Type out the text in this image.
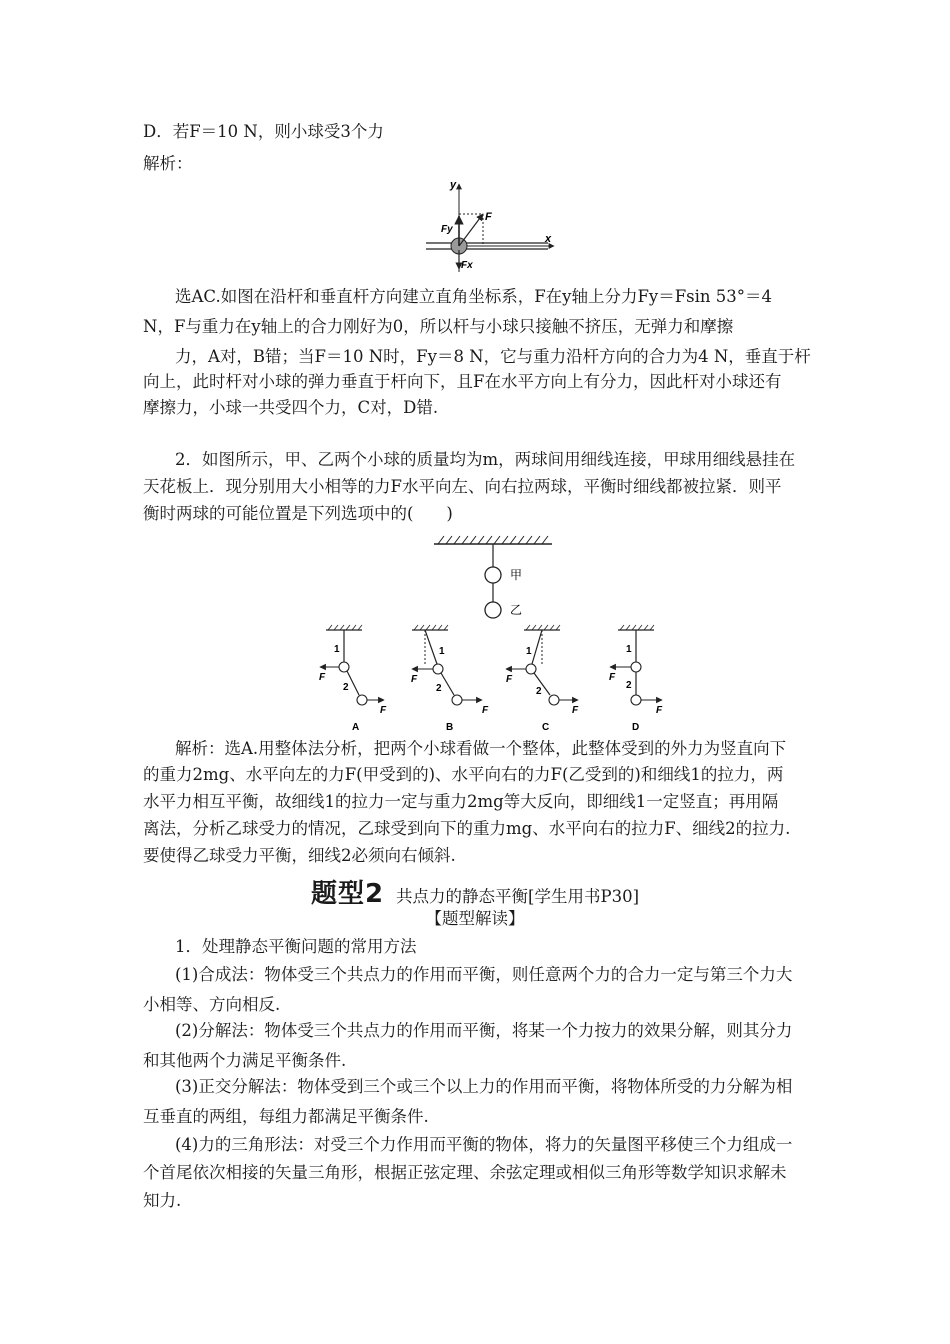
D．若F＝10 N，则小球受3个力
解析：
y
x
F
Fy
Fx
选AC.如图在沿杆和垂直杆方向建立直角坐标系，F在y轴上分力Fy＝Fsin 53°＝4
N，F与重力在y轴上的合力刚好为0，所以杆与小球只接触不挤压，无弹力和摩擦
力，A对，B错；当F＝10 N时，Fy＝8 N，它与重力沿杆方向的合力为4 N，垂直于杆
向上，此时杆对小球的弹力垂直于杆向下，且F在水平方向上有分力，因此杆对小球还有
摩擦力，小球一共受四个力，C对，D错.
2．如图所示，甲、乙两个小球的质量均为m，两球间用细线连接，甲球用细线悬挂在
天花板上．现分别用大小相等的力F水平向左、向右拉两球，平衡时细线都被拉紧．则平
衡时两球的可能位置是下列选项中的(　　)
甲
乙
1
2
F
F
A
1
2
F
F
B
1
2
F
F
C
1
2
F
F
D
解析：选A.用整体法分析，把两个小球看做一个整体，此整体受到的外力为竖直向下
的重力2mg、水平向左的力F(甲受到的)、水平向右的力F(乙受到的)和细线1的拉力，两
水平力相互平衡，故细线1的拉力一定与重力2mg等大反向，即细线1一定竖直；再用隔
离法，分析乙球受力的情况，乙球受到向下的重力mg、水平向右的拉力F、细线2的拉力.
要使得乙球受力平衡，细线2必须向右倾斜.
题型2 共点力的静态平衡[学生用书P30]
【题型解读】
1．处理静态平衡问题的常用方法
(1)合成法：物体受三个共点力的作用而平衡，则任意两个力的合力一定与第三个力大
小相等、方向相反.
(2)分解法：物体受三个共点力的作用而平衡，将某一个力按力的效果分解，则其分力
和其他两个力满足平衡条件.
(3)正交分解法：物体受到三个或三个以上力的作用而平衡，将物体所受的力分解为相
互垂直的两组，每组力都满足平衡条件.
(4)力的三角形法：对受三个力作用而平衡的物体，将力的矢量图平移使三个力组成一
个首尾依次相接的矢量三角形，根据正弦定理、余弦定理或相似三角形等数学知识求解未
知力.
